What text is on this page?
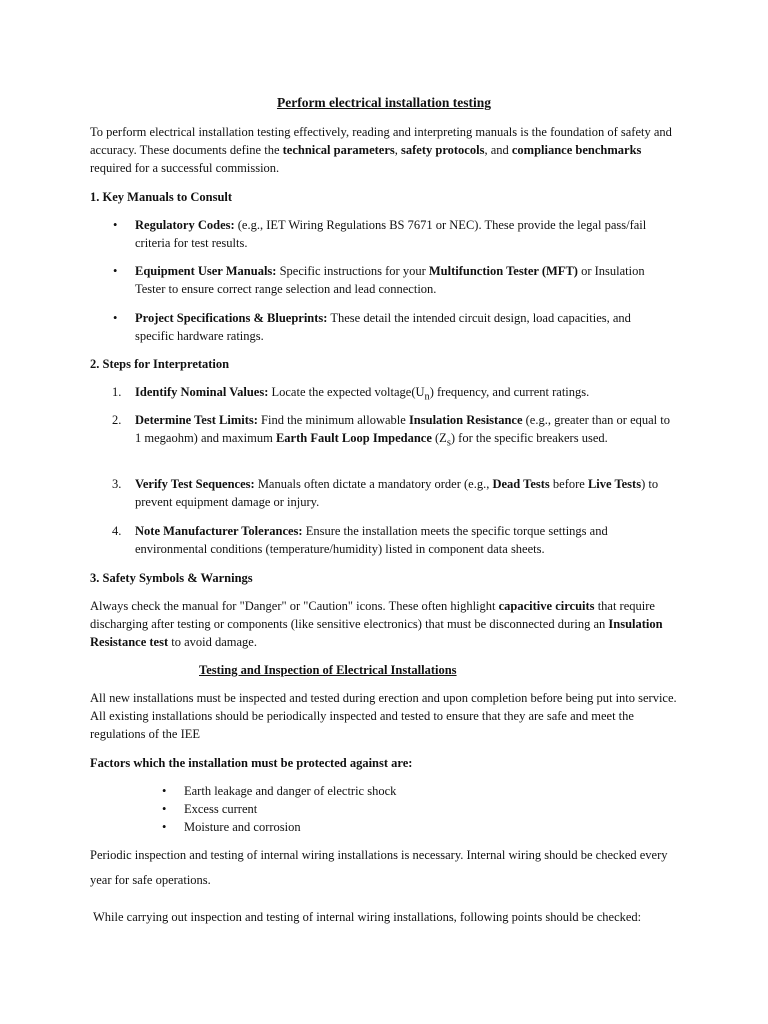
Perform electrical installation testing

To perform electrical installation testing effectively, reading and interpreting manuals is the foundation of safety and accuracy. These documents define the technical parameters, safety protocols, and compliance benchmarks required for a successful commission.

1. Key Manuals to Consult

• Regulatory Codes: (e.g., IET Wiring Regulations BS 7671 or NEC). These provide the legal pass/fail criteria for test results.

• Equipment User Manuals: Specific instructions for your Multifunction Tester (MFT) or Insulation Tester to ensure correct range selection and lead connection.

• Project Specifications & Blueprints: These detail the intended circuit design, load capacities, and specific hardware ratings.

2. Steps for Interpretation

1. Identify Nominal Values: Locate the expected $voltage(U_n)$ frequency, and current ratings.

2. Determine Test Limits: Find the minimum allowable Insulation Resistance (e.g., greater than or equal to 1 megaohm) and maximum Earth Fault Loop Impedance $(Z_s)$ for the specific breakers used.

3. Verify Test Sequences: Manuals often dictate a mandatory order (e.g., Dead Tests before Live Tests) to prevent equipment damage or injury.

4. Note Manufacturer Tolerances: Ensure the installation meets the specific torque settings and environmental conditions (temperature/humidity) listed in component data sheets.

3. Safety Symbols & Warnings

Always check the manual for "Danger" or "Caution" icons. These often highlight capacitive circuits that require discharging after testing or components (like sensitive electronics) that must be disconnected during an Insulation Resistance test to avoid damage.

Testing and Inspection of Electrical Installations

All new installations must be inspected and tested during erection and upon completion before being put into service. All existing installations should be periodically inspected and tested to ensure that they are safe and meet the regulations of the IEE

Factors which the installation must be protected against are:

• Earth leakage and danger of electric shock

• Excess current

• Moisture and corrosion

Periodic inspection and testing of internal wiring installations is necessary. Internal wiring should be checked every year for safe operations.

While carrying out inspection and testing of internal wiring installations, following points should be checked:
